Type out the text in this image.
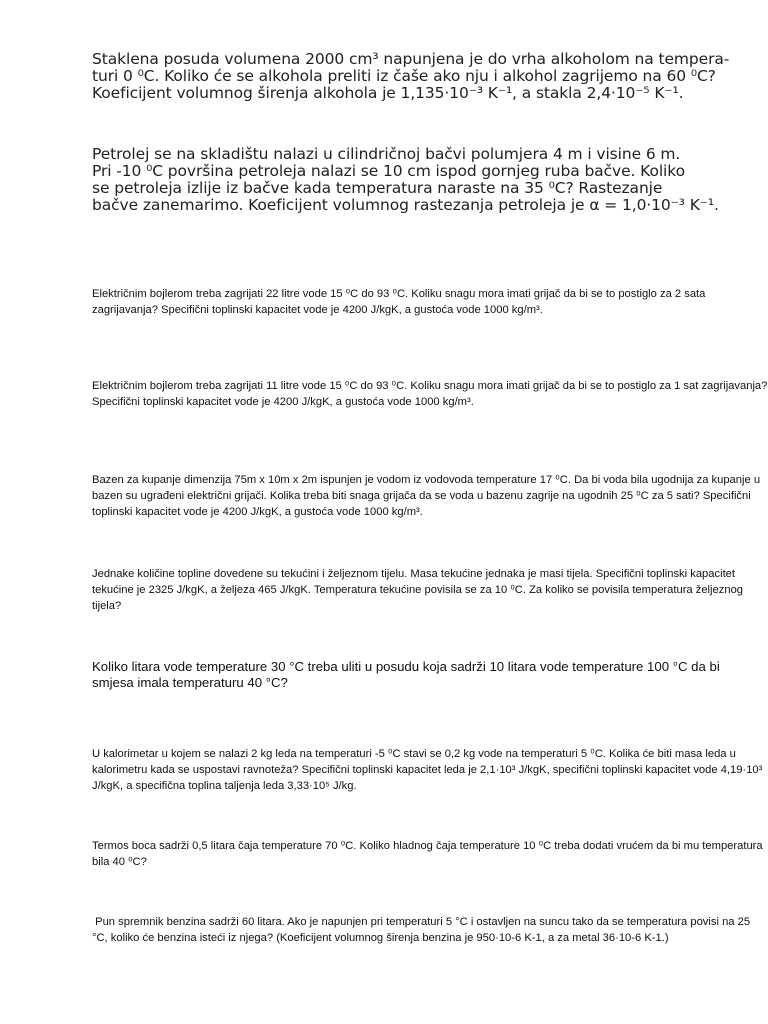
Staklena posuda volumena 2000 cm³ napunjena je do vrha alkoholom na tempera-
turi 0 ⁰C. Koliko će se alkohola preliti iz čaše ako nju i alkohol zagrijemo na 60 ⁰C?
Koeficijent volumnog širenja alkohola je 1,135·10⁻³ K⁻¹, a stakla 2,4·10⁻⁵ K⁻¹.
Petrolej se na skladištu nalazi u cilindričnoj bačvi polumjera 4 m i visine 6 m.
Pri -10 ⁰C površina petroleja nalazi se 10 cm ispod gornjeg ruba bačve. Koliko
se petroleja izlije iz bačve kada temperatura naraste na 35 ⁰C? Rastezanje
bačve zanemarimo. Koeficijent volumnog rastezanja petroleja je α = 1,0·10⁻³ K⁻¹.
Električnim bojlerom treba zagrijati 22 litre vode 15 ⁰C do 93 ⁰C. Koliku snagu mora imati grijač da bi se to postiglo za 2 sata zagrijavanja? Specifični toplinski kapacitet vode je 4200 J/kgK, a gustoća vode 1000 kg/m³.
Električnim bojlerom treba zagrijati 11 litre vode 15 ⁰C do 93 ⁰C. Koliku snagu mora imati grijač da bi se to postiglo za 1 sat zagrijavanja? Specifični toplinski kapacitet vode je 4200 J/kgK, a gustoća vode 1000 kg/m³.
Bazen za kupanje dimenzija 75m x 10m x 2m ispunjen je vodom iz vodovoda temperature 17 ⁰C. Da bi voda bila ugodnija za kupanje u bazen su ugrađeni električni grijači. Kolika treba biti snaga grijača da se voda u bazenu zagrije na ugodnih 25 ⁰C za 5 sati? Specifični toplinski kapacitet vode je 4200 J/kgK, a gustoća vode 1000 kg/m³.
Jednake količine topline dovedene su tekućini i željeznom tijelu. Masa tekućine jednaka je masi tijela. Specifični toplinski kapacitet tekućine je 2325 J/kgK, a željeza 465 J/kgK. Temperatura tekućine povisila se za 10 ⁰C. Za koliko se povisila temperatura željeznog tijela?
Koliko litara vode temperature 30 °C treba uliti u posudu koja sadrži 10 litara vode temperature 100 °C da bi smjesa imala temperaturu 40 °C?
U kalorimetar u kojem se nalazi 2 kg leda na temperaturi -5 ⁰C stavi se 0,2 kg vode na temperaturi 5 ⁰C. Kolika će biti masa leda u kalorimetru kada se uspostavi ravnoteža? Specifični toplinski kapacitet leda je 2,1·10³ J/kgK, specifični toplinski kapacitet vode 4,19·10³ J/kgK, a specifična toplina taljenja leda 3,33·10⁵ J/kg.
Termos boca sadrži 0,5 litara čaja temperature 70 ⁰C. Koliko hladnog čaja temperature 10 ⁰C treba dodati vrućem da bi mu temperatura bila 40 ⁰C?
Pun spremnik benzina sadrži 60 litara. Ako je napunjen pri temperaturi 5 °C i ostavljen na suncu tako da se temperatura povisi na 25 °C, koliko će benzina isteći iz njega? (Koeficijent volumnog širenja benzina je 950·10-6 K-1, a za metal 36·10-6 K-1.)
